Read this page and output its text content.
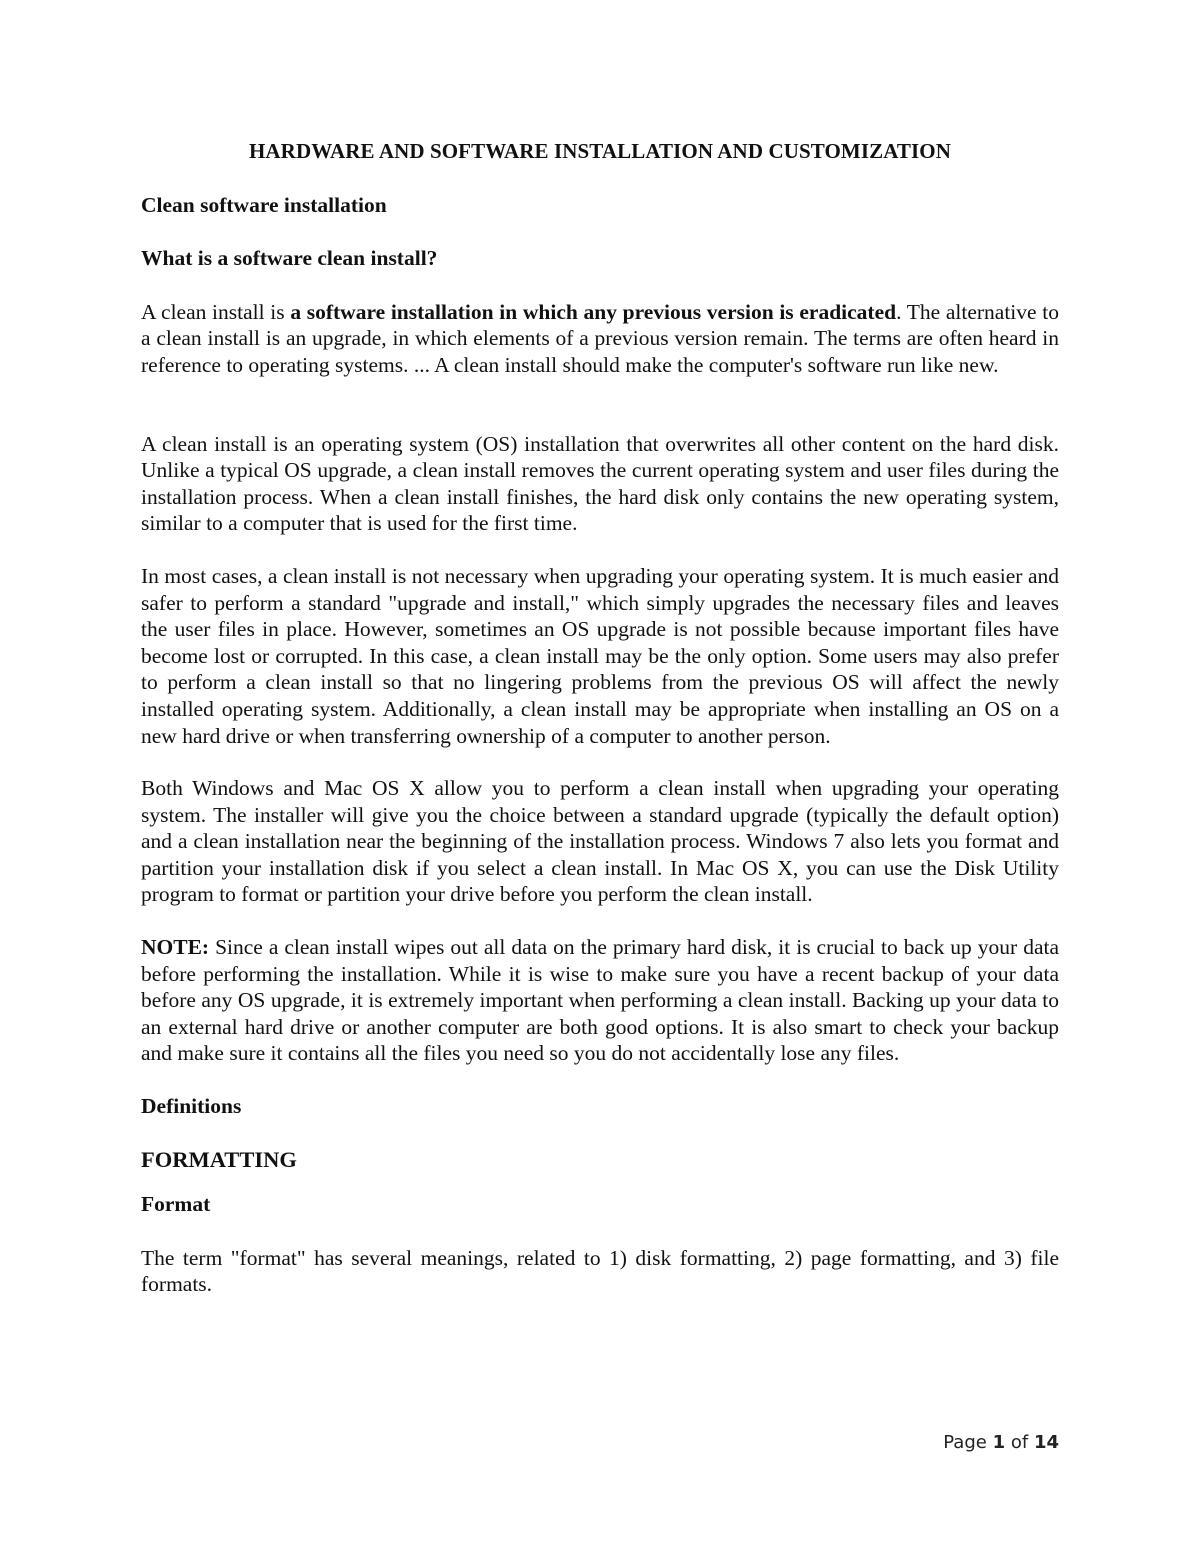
HARDWARE AND SOFTWARE INSTALLATION AND CUSTOMIZATION
Clean software installation
What is a software clean install?

A clean install is a software installation in which any previous version is eradicated. The alternative to a clean install is an upgrade, in which elements of a previous version remain. The terms are often heard in reference to operating systems. ... A clean install should make the computer's software run like new.

A clean install is an operating system (OS) installation that overwrites all other content on the hard disk. Unlike a typical OS upgrade, a clean install removes the current operating system and user files during the installation process. When a clean install finishes, the hard disk only contains the new operating system, similar to a computer that is used for the first time.

In most cases, a clean install is not necessary when upgrading your operating system. It is much easier and safer to perform a standard "upgrade and install," which simply upgrades the necessary files and leaves the user files in place. However, sometimes an OS upgrade is not possible because important files have become lost or corrupted. In this case, a clean install may be the only option. Some users may also prefer to perform a clean install so that no lingering problems from the previous OS will affect the newly installed operating system. Additionally, a clean install may be appropriate when installing an OS on a new hard drive or when transferring ownership of a computer to another person.

Both Windows and Mac OS X allow you to perform a clean install when upgrading your operating system. The installer will give you the choice between a standard upgrade (typically the default option) and a clean installation near the beginning of the installation process. Windows 7 also lets you format and partition your installation disk if you select a clean install. In Mac OS X, you can use the Disk Utility program to format or partition your drive before you perform the clean install.

NOTE: Since a clean install wipes out all data on the primary hard disk, it is crucial to back up your data before performing the installation. While it is wise to make sure you have a recent backup of your data before any OS upgrade, it is extremely important when performing a clean install. Backing up your data to an external hard drive or another computer are both good options. It is also smart to check your backup and make sure it contains all the files you need so you do not accidentally lose any files.

Definitions
FORMATTING
Format

The term "format" has several meanings, related to 1) disk formatting, 2) page formatting, and 3) file formats.

Page 1 of 14
